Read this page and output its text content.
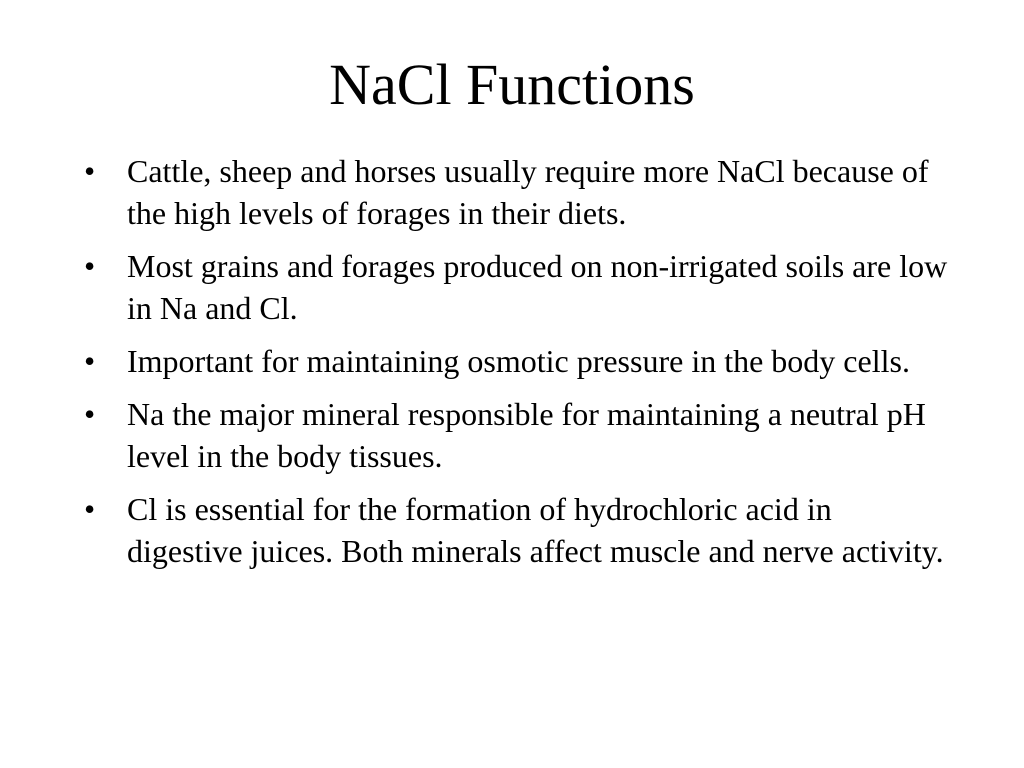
NaCl Functions
• Cattle, sheep and horses usually require more NaCl because of the high levels of forages in their diets.
• Most grains and forages produced on non-irrigated soils are low in Na and Cl.
• Important for maintaining osmotic pressure in the body cells.
• Na the major mineral responsible for maintaining a neutral pH level in the body tissues.
• Cl is essential for the formation of hydrochloric acid in digestive juices. Both minerals affect muscle and nerve activity.
